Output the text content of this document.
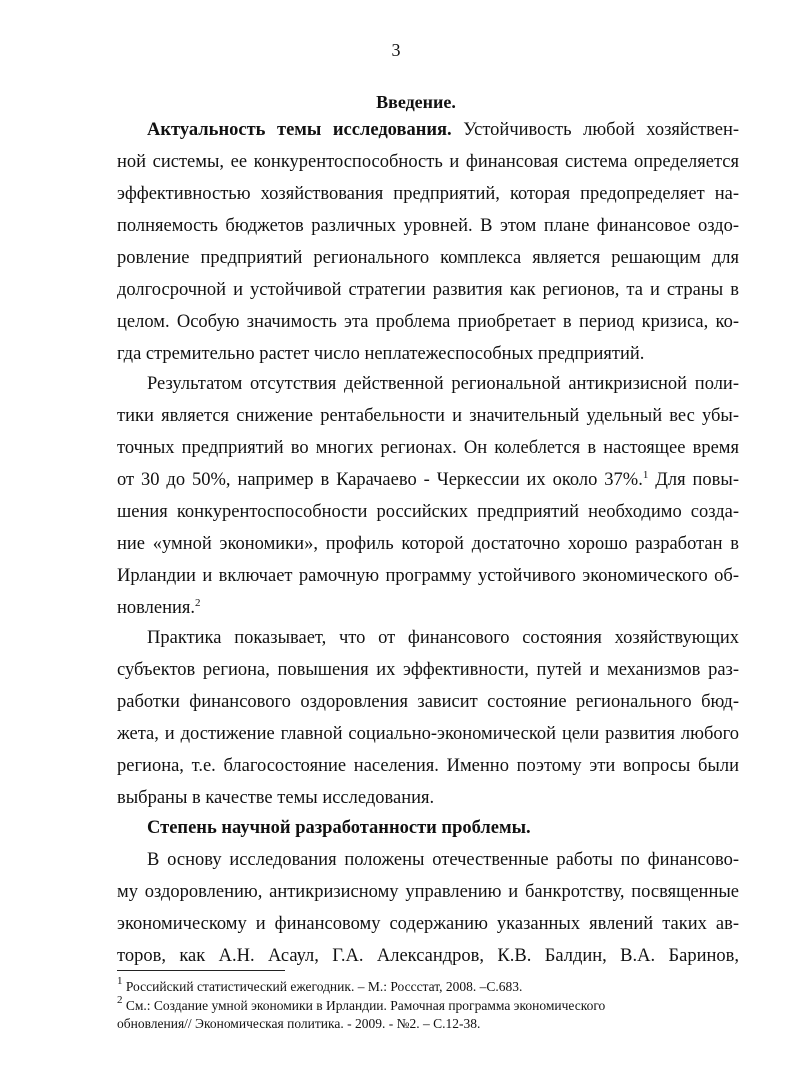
3
Введение.
Актуальность темы исследования. Устойчивость любой хозяйствен-
ной системы, ее конкурентоспособность и финансовая система определяется
эффективностью хозяйствования предприятий, которая предопределяет на-
полняемость бюджетов различных уровней. В этом плане финансовое оздо-
ровление предприятий регионального комплекса является решающим для
долгосрочной и устойчивой стратегии развития как регионов, та и страны в
целом. Особую значимость эта проблема приобретает в период кризиса, ко-
гда стремительно растет число неплатежеспособных предприятий.
Результатом отсутствия действенной региональной антикризисной поли-
тики является снижение рентабельности и значительный удельный вес убы-
точных предприятий во многих регионах. Он колеблется в настоящее время
от 30 до 50%, например в Карачаево - Черкессии их около 37%.$^1$ Для повы-
шения конкурентоспособности российских предприятий необходимо созда-
ние «умной экономики», профиль которой достаточно хорошо разработан в
Ирландии и включает рамочную программу устойчивого экономического об-
новления.$^2$
Практика показывает, что от финансового состояния хозяйствующих
субъектов региона, повышения их эффективности, путей и механизмов раз-
работки финансового оздоровления зависит состояние регионального бюд-
жета, и достижение главной социально-экономической цели развития любого
региона, т.е. благосостояние населения. Именно поэтому эти вопросы были
выбраны в качестве темы исследования.
Степень научной разработанности проблемы.
В основу исследования положены отечественные работы по финансово-
му оздоровлению, антикризисному управлению и банкротству, посвященные
экономическому и финансовому содержанию указанных явлений таких ав-
торов, как А.Н. Асаул, Г.А. Александров, К.В. Балдин, В.А. Баринов,
$^1$ Российский статистический ежегодник. – М.: Росcстат, 2008. –С.683.
$^2$ См.: Создание умной экономики в Ирландии. Рамочная программа экономического
обновления// Экономическая политика. - 2009. - №2. – С.12-38.
